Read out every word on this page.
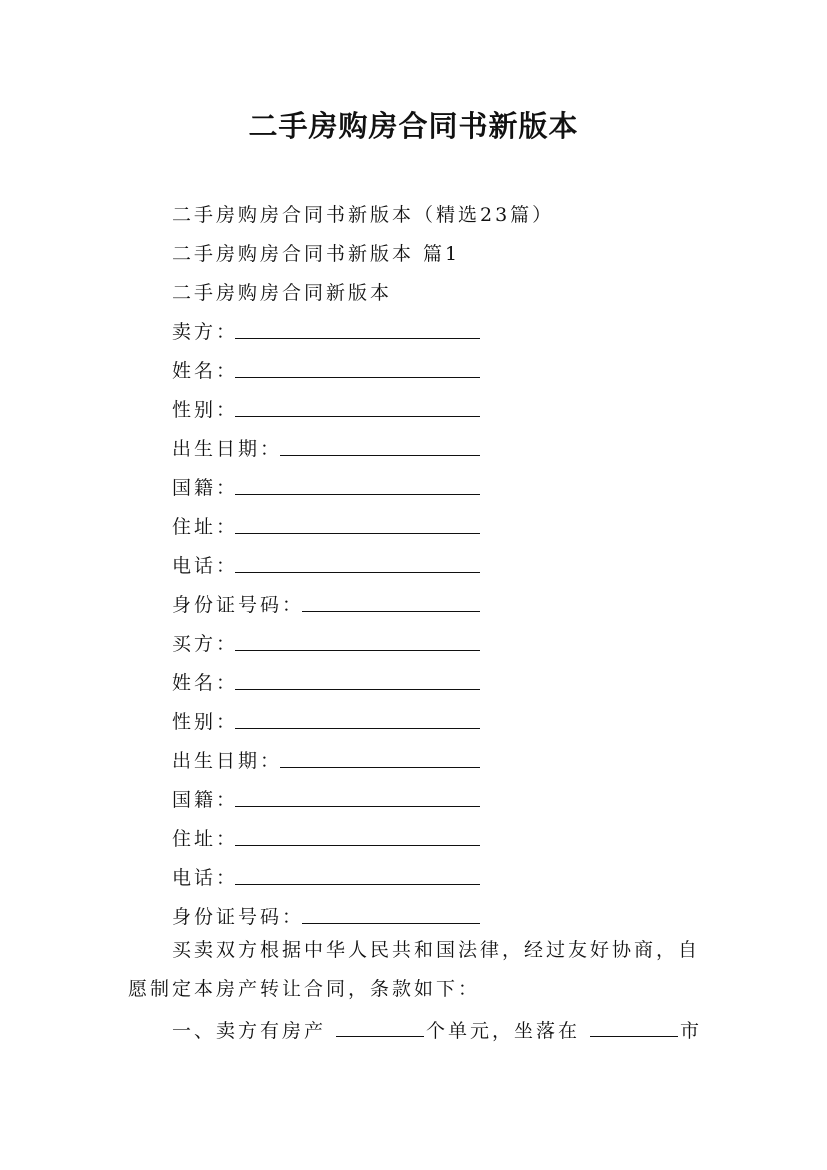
二手房购房合同书新版本
二手房购房合同书新版本（精选23篇）
二手房购房合同书新版本 篇1
二手房购房合同新版本
卖方：
姓名：
性别：
出生日期：
国籍：
住址：
电话：
身份证号码：
买方：
姓名：
性别：
出生日期：
国籍：
住址：
电话：
身份证号码：
买卖双方根据中华人民共和国法律，经过友好协商，自愿制定本房产转让合同，条款如下：
一、卖方有房产	个单元，坐落在	市
